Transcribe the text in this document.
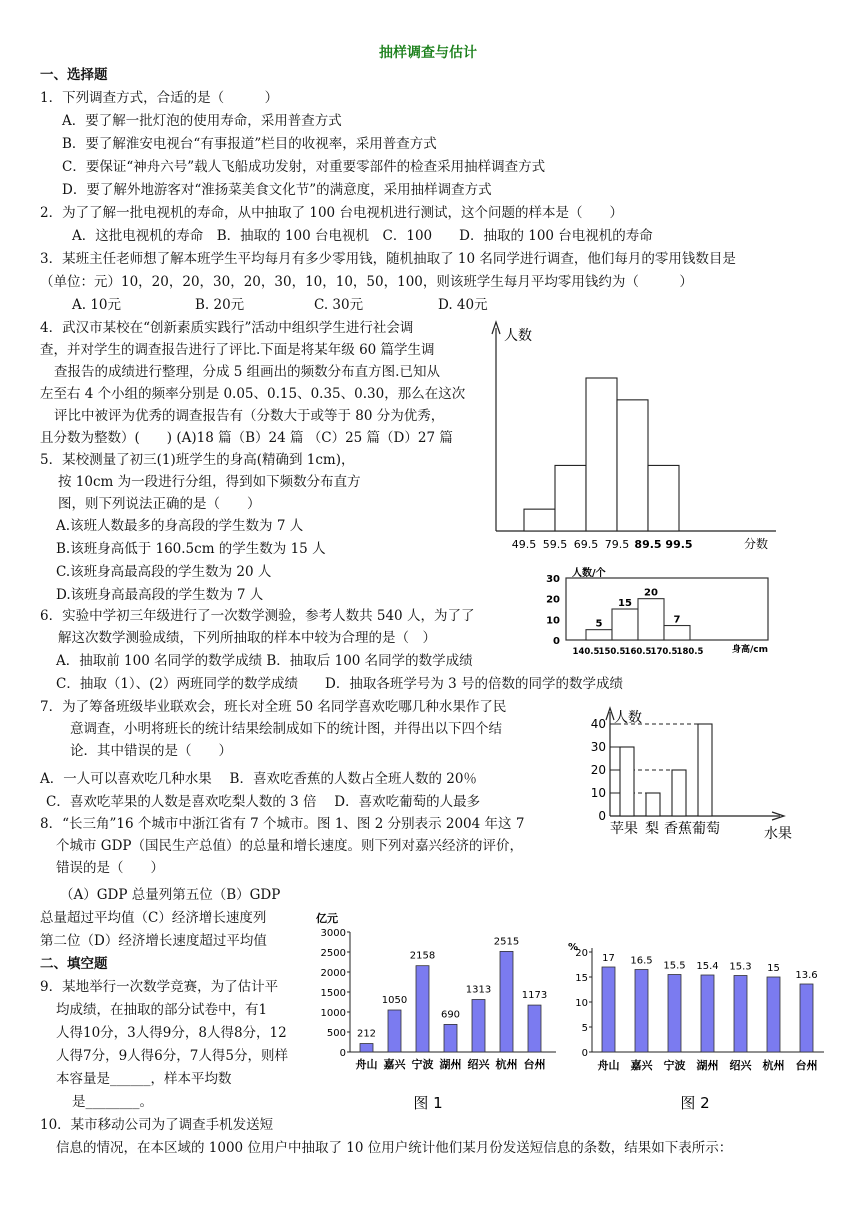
抽样调查与估计
一、选择题
1．下列调查方式，合适的是（　　　）
A．要了解一批灯泡的使用寿命，采用普查方式
B．要了解淮安电视台“有事报道”栏目的收视率，采用普查方式
C．要保证“神舟六号”载人飞船成功发射，对重要零部件的检查采用抽样调查方式
D．要了解外地游客对“淮扬菜美食文化节”的满意度，采用抽样调查方式
2．为了了解一批电视机的寿命，从中抽取了 100 台电视机进行测试，这个问题的样本是（　　）
A．这批电视机的寿命　B．抽取的 100 台电视机　C．100　　D．抽取的 100 台电视机的寿命
3．某班主任老师想了解本班学生平均每月有多少零用钱，随机抽取了 10 名同学进行调查，他们每月的零用钱数目是
（单位：元）10，20，20，30，20，30，10，10，50，100，则该班学生每月平均零用钱约为（　　　）
A. 10元	B. 20元	C. 30元	D. 40元
4．武汉市某校在“创新素质实践行”活动中组织学生进行社会调
查，并对学生的调查报告进行了评比.下面是将某年级 60 篇学生调
查报告的成绩进行整理，分成 5 组画出的频数分布直方图.已知从
左至右 4 个小组的频率分别是 0.05、0.15、0.35、0.30，那么在这次
评比中被评为优秀的调查报告有（分数大于或等于 80 分为优秀，
且分数为整数）(　　) (A)18 篇（B）24 篇 （C）25 篇（D）27 篇
5．某校测量了初三(1)班学生的身高(精确到 1cm)，
按 10cm 为一段进行分组，得到如下频数分布直方
图，则下列说法正确的是（　　）
A.该班人数最多的身高段的学生数为 7 人
B.该班身高低于 160.5cm 的学生数为 15 人
C.该班身高最高段的学生数为 20 人
D.该班身高最高段的学生数为 7 人
6．实验中学初三年级进行了一次数学测验，参考人数共 540 人，为了了
解这次数学测验成绩，下列所抽取的样本中较为合理的是（　）
A．抽取前 100 名同学的数学成绩 B．抽取后 100 名同学的数学成绩
C．抽取（1）、(2）两班同学的数学成绩　　D．抽取各班学号为 3 号的倍数的同学的数学成绩
7．为了筹备班级毕业联欢会，班长对全班 50 名同学喜欢吃哪几种水果作了民
意调查，小明将班长的统计结果绘制成如下的统计图，并得出以下四个结
论．其中错误的是（　　）
A．一人可以喜欢吃几种水果　 B．喜欢吃香蕉的人数占全班人数的 20％
C．喜欢吃苹果的人数是喜欢吃梨人数的 3 倍　 D．喜欢吃葡萄的人最多
8．“长三角”16 个城市中浙江省有 7 个城市。图 1、图 2 分别表示 2004 年这 7
个城市 GDP（国民生产总值）的总量和增长速度。则下列对嘉兴经济的评价，
错误的是（　　）
（A）GDP 总量列第五位（B）GDP
总量超过平均值（C）经济增长速度列
第二位（D）经济增长速度超过平均值
二、填空题
9．某地举行一次数学竞赛，为了估计平
均成绩，在抽取的部分试卷中，有1
人得10分，3人得9分，8人得8分，12
人得7分，9人得6分，7人得5分，则样
本容量是______，样本平均数
是________。
10．某市移动公司为了调查手机发送短
信息的情况，在本区域的 1000 位用户中抽取了 10 位用户统计他们某月份发送短信息的条数，结果如下表所示：
人数
49.5 59.5 69.5 79.5 89.5 99.5	分数
人数/个
30
20
10
0
5
15
20
7
140.5 150.5 160.5 170.5 180.5	身高/cm
人数
40
30
20
10
0
苹果 梨 香蕉 葡萄	水果
亿元
3000
2500
2000
1500
1000
500
0
212
舟山
1050
嘉兴
2158
宁波
690
湖州
1313
绍兴
2515
杭州
1173
台州
图 1
%
20
15
10
5
0
17
舟山
16.5
嘉兴
15.5
宁波
15.4
湖州
15.3
绍兴
15
杭州
13.6
台州
图 2
